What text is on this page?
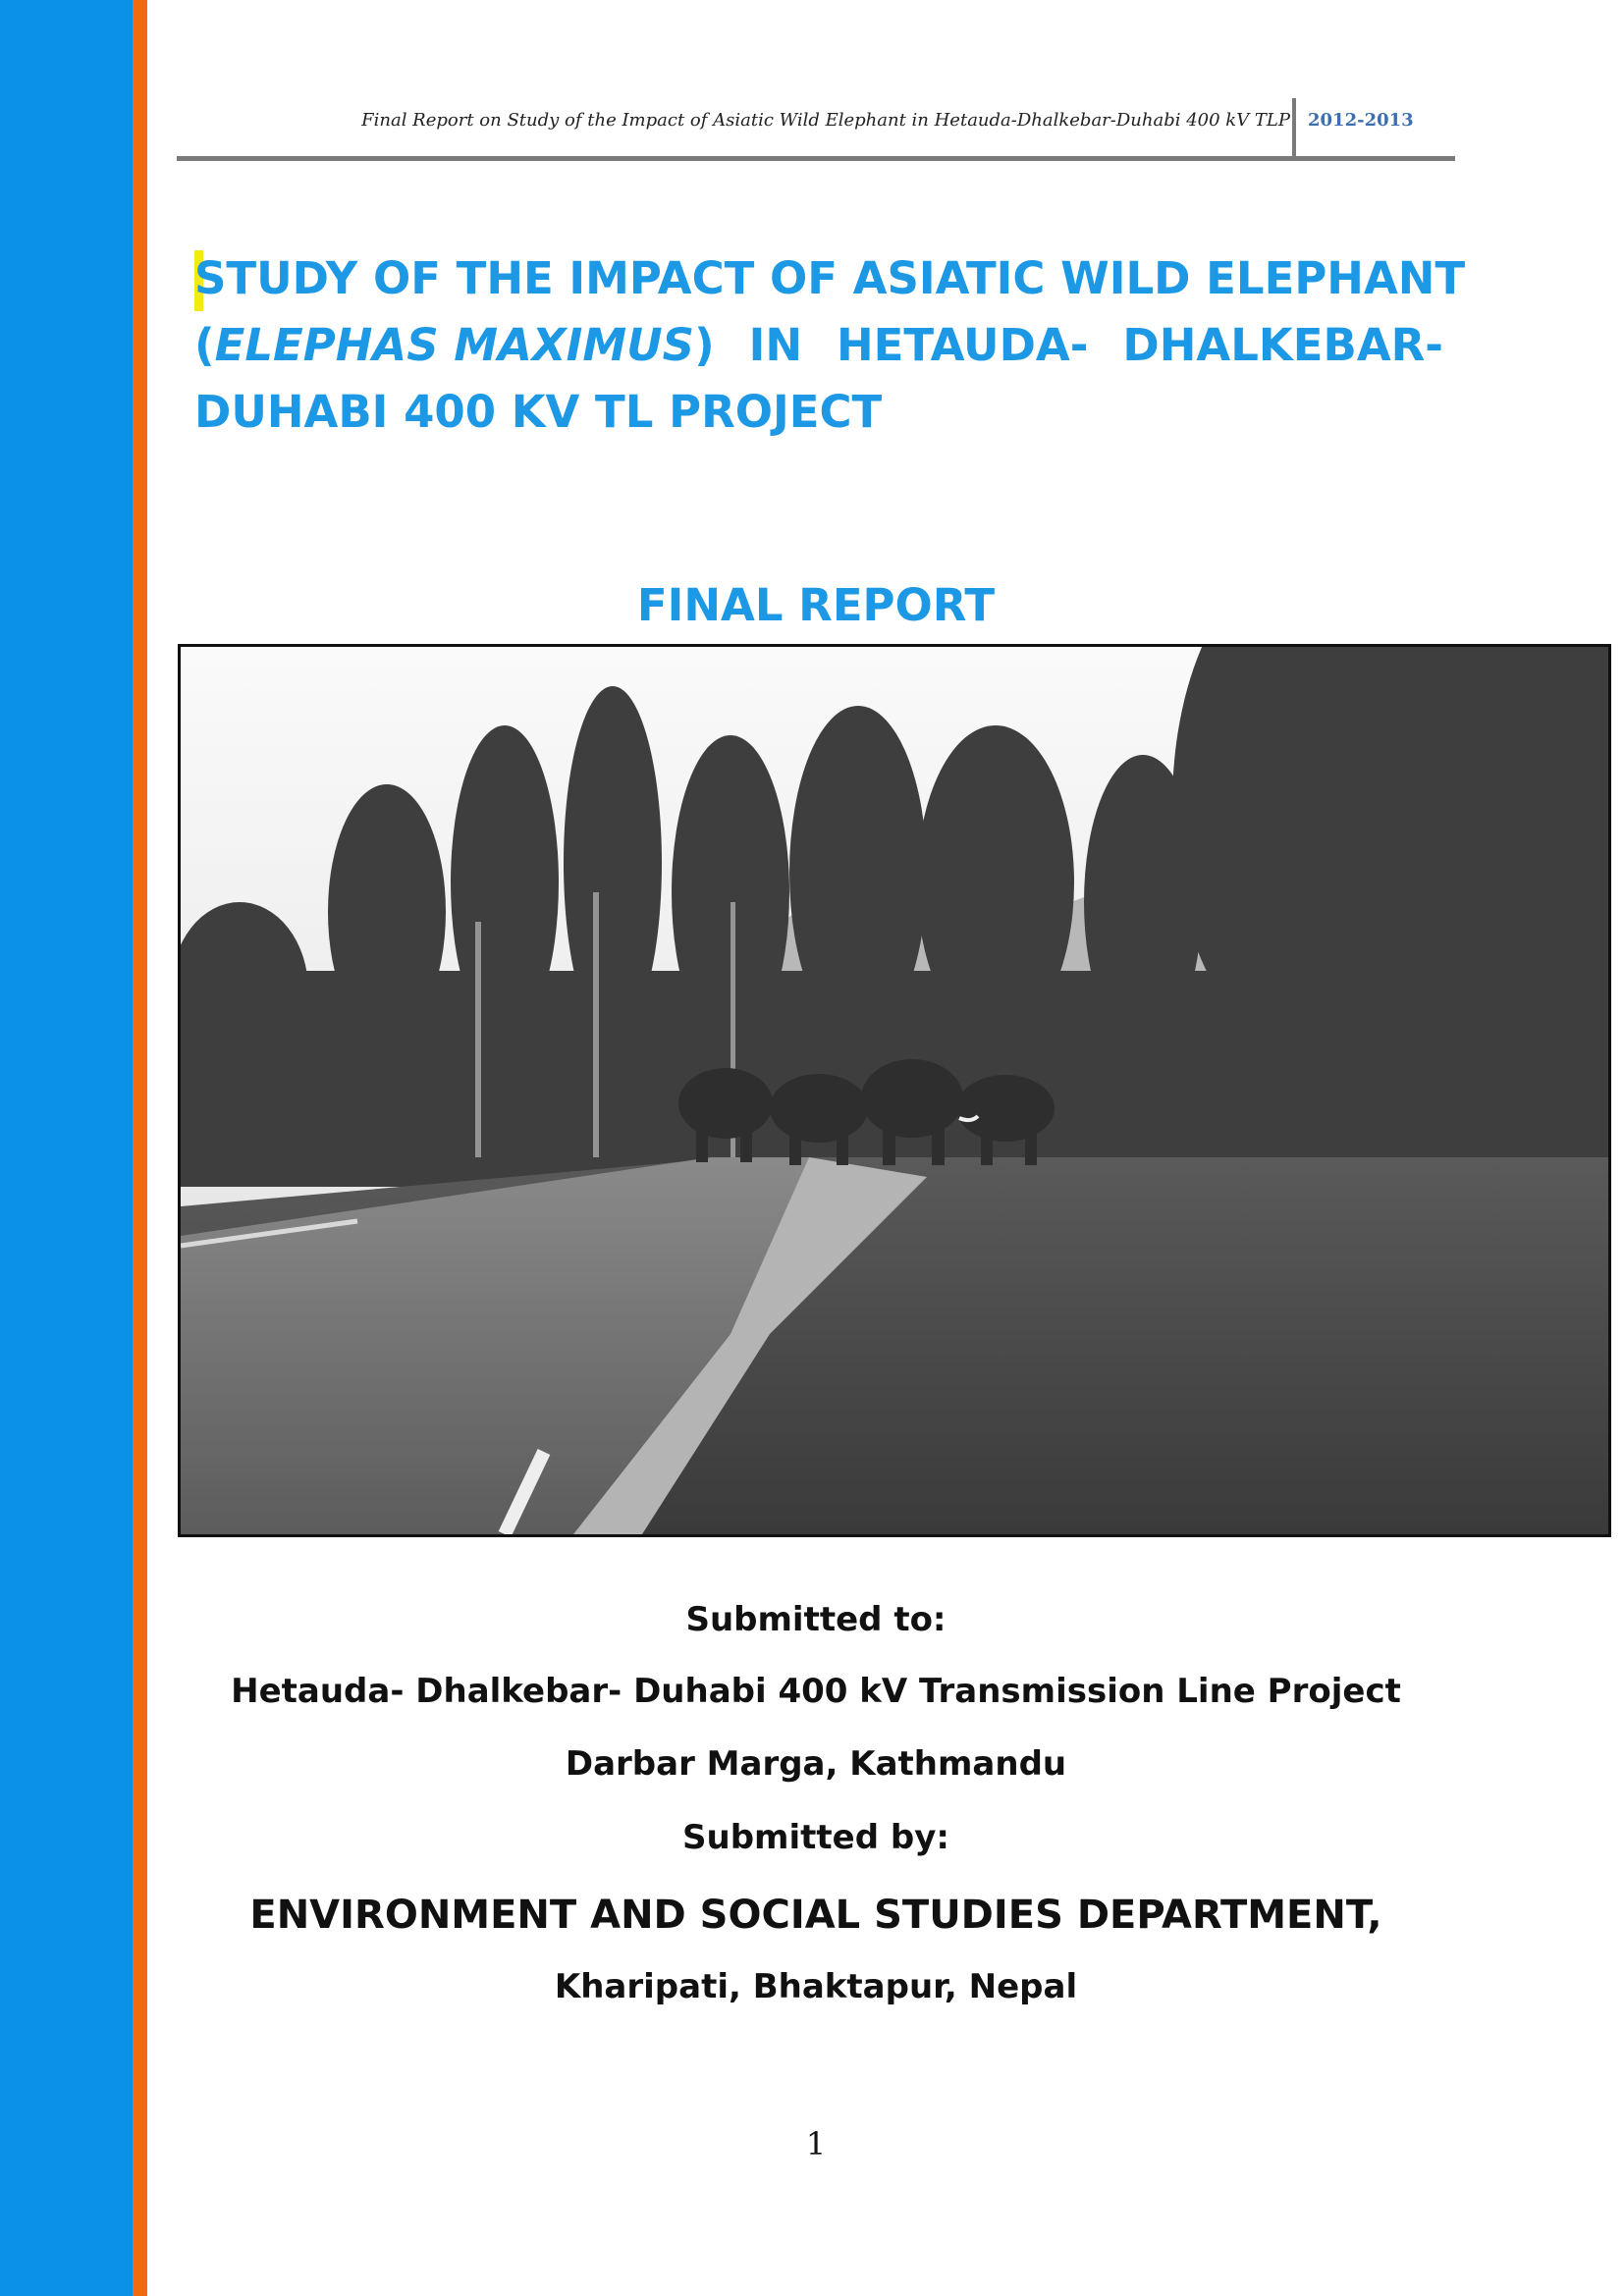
Final Report on Study of the Impact of Asiatic Wild Elephant in Hetauda-Dhalkebar-Duhabi 400 kV TLP 2012-2013
STUDY OF THE IMPACT OF ASIATIC WILD ELEPHANT
(ELEPHAS MAXIMUS) IN HETAUDA- DHALKEBAR-
DUHABI 400 KV TL PROJECT
FINAL REPORT
Submitted to:
Hetauda- Dhalkebar- Duhabi 400 kV Transmission Line Project
Darbar Marga, Kathmandu
Submitted by:
ENVIRONMENT AND SOCIAL STUDIES DEPARTMENT,
Kharipati, Bhaktapur, Nepal
1
